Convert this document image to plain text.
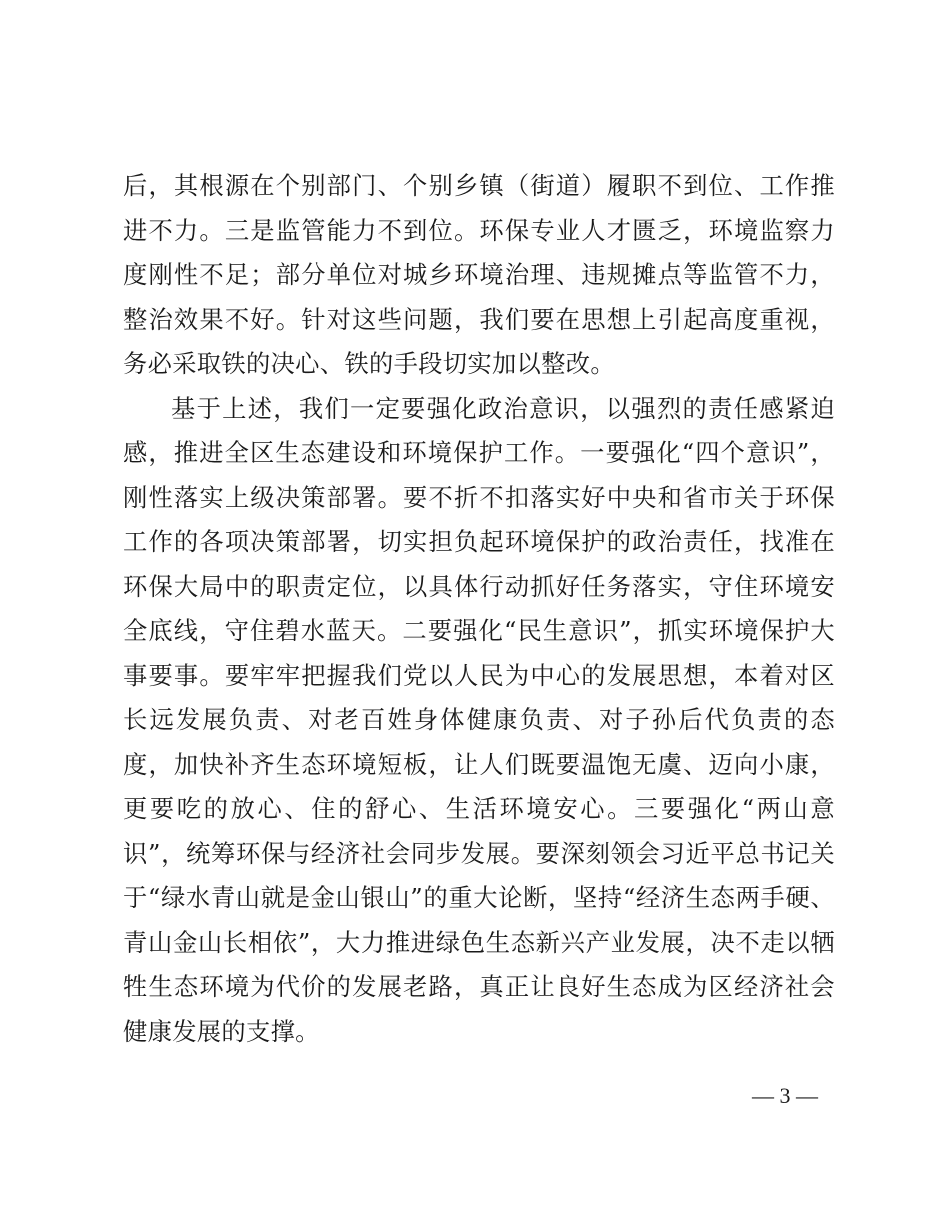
后，其根源在个别部门、个别乡镇（街道）履职不到位、工作推进不力。三是监管能力不到位。环保专业人才匮乏，环境监察力度刚性不足；部分单位对城乡环境治理、违规摊点等监管不力，整治效果不好。针对这些问题，我们要在思想上引起高度重视，务必采取铁的决心、铁的手段切实加以整改。

基于上述，我们一定要强化政治意识，以强烈的责任感紧迫感，推进全区生态建设和环境保护工作。一要强化“四个意识”，刚性落实上级决策部署。要不折不扣落实好中央和省市关于环保工作的各项决策部署，切实担负起环境保护的政治责任，找准在环保大局中的职责定位，以具体行动抓好任务落实，守住环境安全底线，守住碧水蓝天。二要强化“民生意识”，抓实环境保护大事要事。要牢牢把握我们党以人民为中心的发展思想，本着对区长远发展负责、对老百姓身体健康负责、对子孙后代负责的态度，加快补齐生态环境短板，让人们既要温饱无虞、迈向小康，更要吃的放心、住的舒心、生活环境安心。三要强化“两山意识”，统筹环保与经济社会同步发展。要深刻领会习近平总书记关于“绿水青山就是金山银山”的重大论断，坚持“经济生态两手硬、青山金山长相依”，大力推进绿色生态新兴产业发展，决不走以牺牲生态环境为代价的发展老路，真正让良好生态成为区经济社会健康发展的支撑。

— 3 —
